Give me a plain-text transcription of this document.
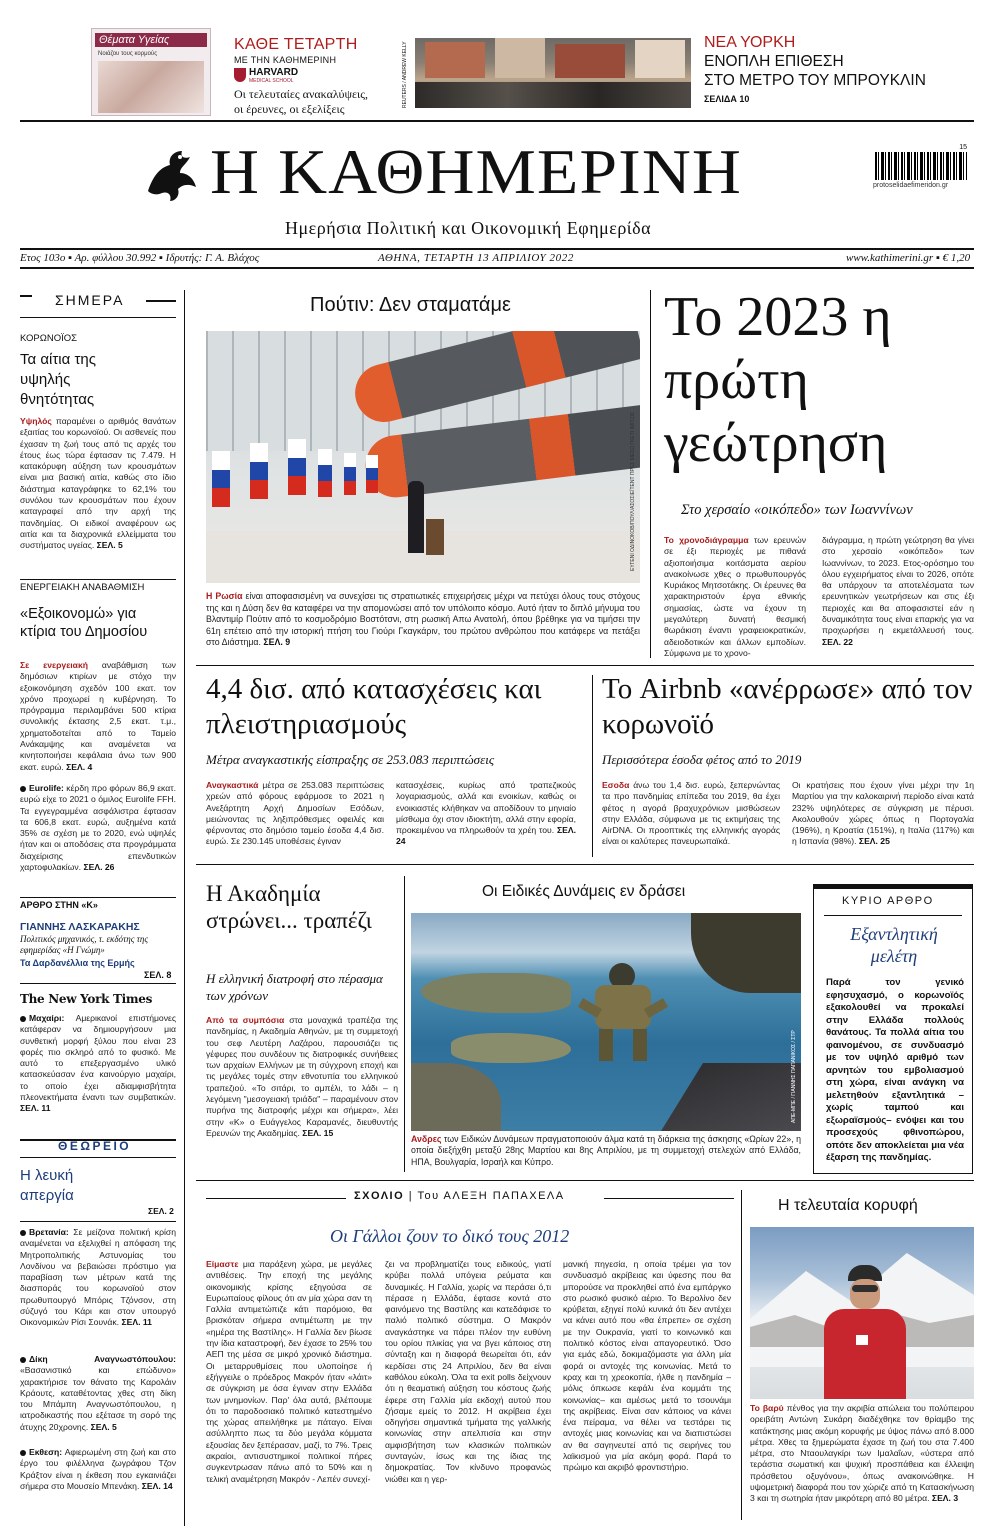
Θέματα Υγείας
Νοιάζου τους κορμούς
ΚΑΘΕ ΤΕΤΑΡΤΗ
ΜΕ ΤΗΝ ΚΑΘΗΜΕΡΙΝΗ
HARVARD
MEDICAL SCHOOL
Οι τελευταίες ανακαλύψεις,
οι έρευνες, οι εξελίξεις
REUTERS / ANDREW KELLY	ΝΕΑ ΥΟΡΚΗ
ΕΝΟΠΛΗ ΕΠΙΘΕΣΗ
ΣΤΟ ΜΕΤΡΟ ΤΟΥ ΜΠΡΟΥΚΛΙΝ
ΣΕΛΙΔΑ 10
Η ΚΑΘΗΜΕΡΙΝΗ	15
protoselidaefimeridon.gr
Ημερήσια Πολιτική και Οικονομική Εφημερίδα
Ετος 103ο ▪ Αρ. φύλλου 30.992 ▪ Ιδρυτής: Γ. Α. Βλάχος	ΑΘΗΝΑ, ΤΕΤΑΡΤΗ 13 ΑΠΡΙΛΙΟΥ 2022	www.kathimerini.gr ▪ € 1,20
ΣΗΜΕΡΑ
ΚΟΡΩΝΟΪΟΣ
Τα αίτια της υψηλής θνητότητας
Υψηλός παραμένει ο αριθμός θανάτων εξαιτίας του κορωνοϊού. Οι ασθενείς που έχασαν τη ζωή τους από τις αρχές του έτους έως τώρα έφτασαν τις 7.479. Η κατακόρυφη αύξηση των κρουσμάτων είναι μια βασική αιτία, καθώς στο ίδιο διάστημα καταγράφηκε το 62,1% του συνόλου των κρουσμάτων που έχουν καταγραφεί από την αρχή της πανδημίας. Οι ειδικοί αναφέρουν ως αιτία και τα διαχρονικά ελλείμματα του συστήματος υγείας. ΣΕΛ. 5
ΕΝΕΡΓΕΙΑΚΗ ΑΝΑΒΑΘΜΙΣΗ
«Εξοικονομώ» για κτίρια του Δημοσίου
Σε ενεργειακή αναβάθμιση των δημόσιων κτιρίων με στόχο την εξοικονόμηση σχεδόν 100 εκατ. τον χρόνο προχωρεί η κυβέρνηση. Το πρόγραμμα περιλαμβάνει 500 κτίρια συνολικής έκτασης 2,5 εκατ. τ.μ., χρηματοδοτείται από το Ταμείο Ανάκαμψης και αναμένεται να κινητοποιήσει κεφάλαια άνω των 900 εκατ. ευρώ. ΣΕΛ. 4
Eurolife: κέρδη προ φόρων 86,9 εκατ. ευρώ είχε το 2021 ο όμιλος Eurolife FFH. Τα εγγεγραμμένα ασφάλιστρα έφτασαν τα 606,8 εκατ. ευρώ, αυξημένα κατά 35% σε σχέση με το 2020, ενώ υψηλές ήταν και οι αποδόσεις στα προγράμματα διαχείρισης επενδυτικών χαρτοφυλακίων. ΣΕΛ. 26
ΑΡΘΡΟ ΣΤΗΝ «Κ»
ΓΙΑΝΝΗΣ ΛΑΣΚΑΡΑΚΗΣ
Πολιτικός μηχανικός, τ. εκδότης της εφημερίδας «Η Γνώμη»
Τα Δαρδανέλλια της Ερμής
ΣΕΛ. 8
The New York Times
Μαχαίρι: Αμερικανοί επιστήμονες κατάφεραν να δημιουργήσουν μια συνθετική μορφή ξύλου που είναι 23 φορές πιο σκληρό από το φυσικό. Με αυτό το επεξεργασμένο υλικό κατασκεύασαν ένα καινούργιο μαχαίρι, το οποίο έχει αδιαμφισβήτητα πλεονεκτήματα έναντι των συμβατικών. ΣΕΛ. 11
ΘΕΩΡΕΙΟ
Η λευκή απεργία
ΣΕΛ. 2
Βρετανία: Σε μείζονα πολιτική κρίση αναμένεται να εξελιχθεί η απόφαση της Μητροπολιτικής Αστυνομίας του Λονδίνου να βεβαιώσει πρόστιμο για παραβίαση των μέτρων κατά της διασποράς του κορωνοϊού στον πρωθυπουργό Μπόρις Τζόνσον, στη σύζυγό του Κάρι και στον υπουργό Οικονομικών Ρίσι Σουνάκ. ΣΕΛ. 11
Δίκη Αναγνωστόπουλου: «Βασανιστικό και επώδυνο» χαρακτήρισε τον θάνατο της Καρολάιν Κράουτς, καταθέτοντας χθες στη δίκη του Μπάμπη Αναγνωστόπουλου, η ιατροδικαστής που εξέτασε τη σορό της άτυχης 20χρονης. ΣΕΛ. 5
Εκθεση: Αφιερωμένη στη ζωή και στο έργο του φιλέλληνα ζωγράφου Τζον Κράξτον είναι η έκθεση που εγκαινιάζει σήμερα στο Μουσείο Μπενάκη. ΣΕΛ. 14
Πούτιν: Δεν σταματάμε
ΕΥΓΕΝΙ ΟΔΙΝΟΚΟΒ/ΠΟΥΛ/ΑΣΟΣΙΕΪΤΕΝΤ ΠΡΕΣ ΜΕΣΩ ΓΚΕΤΙ ΙΜΙΤΖΙΣ
Η Ρωσία είναι αποφασισμένη να συνεχίσει τις στρατιωτικές επιχειρήσεις μέχρι να πετύχει όλους τους στόχους της και η Δύση δεν θα καταφέρει να την απομονώσει από τον υπόλοιπο κόσμο. Αυτό ήταν το διπλό μήνυμα του Βλαντιμίρ Πούτιν από το κοσμοδρόμιο Βοστότσνι, στη ρωσική Απω Ανατολή, όπου βρέθηκε για να τιμήσει την 61η επέτειο από την ιστορική πτήση του Γιούρι Γκαγκάριν, του πρώτου ανθρώπου που κατάφερε να πετάξει στο Διάστημα. ΣΕΛ. 9
Το 2023 η πρώτη γεώτρηση
Στο χερσαίο «οικόπεδο» των Ιωαννίνων
Το χρονοδιάγραμμα των ερευνών σε έξι περιοχές με πιθανά αξιοποιήσιμα κοιτάσματα αερίου ανακοίνωσε χθες ο πρωθυπουργός Κυριάκος Μητσοτάκης. Οι έρευνες θα χαρακτηριστούν έργα εθνικής σημασίας, ώστε να έχουν τη μεγαλύτερη δυνατή θεσμική θωράκιση έναντι γραφειοκρατικών, αδειοδοτικών και άλλων εμποδίων. Σύμφωνα με το χρονο-
διάγραμμα, η πρώτη γεώτρηση θα γίνει στο χερσαίο «οικόπεδο» των Ιωαννίνων, το 2023. Ετος-ορόσημο του όλου εγχειρήματος είναι το 2026, οπότε θα υπάρχουν τα αποτελέσματα των ερευνητικών γεωτρήσεων και στις έξι περιοχές και θα αποφασιστεί εάν η δυναμικότητα τους είναι επαρκής για να προχωρήσει η εκμετάλλευσή τους. ΣΕΛ. 22
4,4 δισ. από κατασχέσεις και πλειστηριασμούς
Μέτρα αναγκαστικής είσπραξης σε 253.083 περιπτώσεις
Αναγκαστικά μέτρα σε 253.083 περιπτώσεις χρεών από φόρους εφάρμοσε το 2021 η Ανεξάρτητη Αρχή Δημοσίων Εσόδων, μειώνοντας τις ληξιπρόθεσμες οφειλές και φέρνοντας στο δημόσιο ταμείο έσοδα 4,4 δισ. ευρώ. Σε 230.145 υποθέσεις έγιναν
κατασχέσεις, κυρίως από τραπεζικούς λογαριασμούς, αλλά και ενοικίων, καθώς οι ενοικιαστές κλήθηκαν να αποδίδουν το μηνιαίο μίσθωμα όχι στον ιδιοκτήτη, αλλά στην εφορία, προκειμένου να πληρωθούν τα χρέη του. ΣΕΛ. 24
Το Airbnb «ανέρρωσε» από τον κορωνοϊό
Περισσότερα έσοδα φέτος από το 2019
Εσοδα άνω του 1,4 δισ. ευρώ, ξεπερνώντας τα προ πανδημίας επίπεδα του 2019, θα έχει φέτος η αγορά βραχυχρόνιων μισθώσεων στην Ελλάδα, σύμφωνα με τις εκτιμήσεις της AirDNA. Οι προοπτικές της ελληνικής αγοράς είναι οι καλύτερες πανευρωπαϊκά.
Οι κρατήσεις που έχουν γίνει μέχρι την 1η Μαρτίου για την καλοκαιρινή περίοδο είναι κατά 232% υψηλότερες σε σύγκριση με πέρυσι. Ακολουθούν χώρες όπως η Πορτογαλία (196%), η Κροατία (151%), η Ιταλία (117%) και η Ισπανία (98%). ΣΕΛ. 25
Η Ακαδημία στρώνει... τραπέζι
Η ελληνική διατροφή στο πέρασμα των χρόνων
Από τα συμπόσια στα μοναχικά τραπέζια της πανδημίας, η Ακαδημία Αθηνών, με τη συμμετοχή του σεφ Λευτέρη Λαζάρου, παρουσιάζει τις γέφυρες που συνδέουν τις διατροφικές συνήθειες των αρχαίων Ελλήνων με τη σύγχρονη εποχή και τις μεγάλες τομές στην εθνοτυπία του ελληνικού τραπεζιού. «Το σιτάρι, το αμπέλι, το λάδι – η λεγόμενη "μεσογειακή τριάδα" – παραμένουν στον πυρήνα της διατροφής μέχρι και σήμερα», λέει στην «Κ» ο Ευάγγελος Καραμανές, διευθυντής Ερευνών της Ακαδημίας. ΣΕΛ. 15
Οι Ειδικές Δυνάμεις εν δράσει
ΑΠΕ-ΜΠΕ / ΓΙΑΝΝΗΣ ΠΑΠΑΝΙΚΟΣ / ΣΤΡ
Ανδρες των Ειδικών Δυνάμεων πραγματοποιούν άλμα κατά τη διάρκεια της άσκησης «Ωρίων 22», η οποία διεξήχθη μεταξύ 28ης Μαρτίου και 8ης Απριλίου, με τη συμμετοχή στελεχών από Ελλάδα, ΗΠΑ, Βουλγαρία, Ισραήλ και Κύπρο.
ΚΥΡΙΟ ΑΡΘΡΟ
Εξαντλητική μελέτη
Παρά τον γενικό εφησυχασμό, ο κορωνοϊός εξακολουθεί να προκαλεί στην Ελλάδα πολλούς θανάτους. Τα πολλά αίτια του φαινομένου, σε συνδυασμό με τον υψηλό αριθμό των αρνητών του εμβολιασμού στη χώρα, είναι ανάγκη να μελετηθούν εξαντλητικά –χωρίς ταμπού και εξωραϊσμούς– ενόψει και του προσεχούς φθινοπώρου, οπότε δεν αποκλείεται μια νέα έξαρση της πανδημίας.
ΣΧΟΛΙΟ | Του ΑΛΕΞΗ ΠΑΠΑΧΕΛΑ
Οι Γάλλοι ζουν το δικό τους 2012
Είμαστε μια παράξενη χώρα, με μεγάλες αντιθέσεις. Την εποχή της μεγάλης οικονομικής κρίσης εξηγούσα σε Ευρωπαίους φίλους ότι αν μία χώρα σαν τη Γαλλία αντιμετώπιζε κάτι παρόμοιο, θα βρισκόταν σήμερα αντιμέτωπη με την «ημέρα της Βαστίλης». Η Γαλλία δεν βίωσε την ίδια καταστροφή, δεν έχασε το 25% του ΑΕΠ της μέσα σε μικρό χρονικό διάστημα. Οι μεταρρυθμίσεις που υλοποίησε ή εξήγγειλε ο πρόεδρος Μακρόν ήταν «λάιτ» σε σύγκριση με όσα έγιναν στην Ελλάδα των μνημονίων. Παρ' όλα αυτά, βλέπουμε ότι το παροδοσιακό πολιτικό κατεστημένο της χώρας απειλήθηκε με πάταγο. Είναι ασύλληπτο πως τα δύο μεγάλα κόμματα εξουσίας δεν ξεπέρασαν, μαζί, το 7%. Τρεις ακραίοι, αντισυστημικοί πολιτικοί πήρες συγκεντρωσαν πάνω από το 50% και η τελική αναμέτρηση Μακρόν - Λεπέν συνεχί-
ζει να προβληματίζει τους ειδικούς, γιατί κρύβει πολλά υπόγεια ρεύματα και δυναμικές. Η Γαλλία, χωρίς να περάσει ό,τι πέρασε η Ελλάδα, έφτασε κοντά στο φαινόμενο της Βαστίλης και κατεδάφισε το παλιό πολιτικό σύστημα. Ο Μακρόν αναγκάστηκε να πάρει πλέον την ευθύνη του ορίου πλικίας για να βγει κάποιος στη σύνταξη και η διαφορά θεωρείται ότι, εάν κερδίσει στις 24 Απριλίου, δεν θα είναι καθόλου εύκολη. Όλα τα exit polls δείχνουν ότι η θεαματική αύξηση του κόστους ζωής έφερε στη Γαλλία μία εκδοχή αυτού που ζήσαμε εμείς το 2012. Η ακρίβεια έχει οδηγήσει σημαντικά τμήματα της γαλλικής κοινωνίας στην απελπισία και στην αμφισβήτηση των κλασικών πολιτικών συνταγών, ίσως και της ίδιας της δημοκρατίας. Τον κίνδυνο προφανώς νιώθει και η γερ-
μανική πηγεσία, η οποία τρέμει για τον συνδυασμό ακρίβειας και ύφεσης που θα μπορούσε να προκληθεί από ένα εμπάργκο στο ρωσικό φυσικό αέριο. Το Βερολίνο δεν κρύβεται, εξηγεί πολύ κυνικά ότι δεν αντέχει να κάνει αυτό που «θα έπρεπε» σε σχέση με την Ουκρανία, γιατί το κοινωνικό και πολιτικό κόστος είναι απαγορευτικό. Όσο για εμάς εδώ, δοκιμαζόμαστε για άλλη μία φορά οι αντοχές της κοινωνίας. Μετά το κραχ και τη χρεοκοπία, ήλθε η πανδημία –μόλις όπκωσε κεφάλι ένα κομμάτι της κοινωνίας– και αμέσως μετά το τσουνάμι της ακρίβειας. Είναι σαν κάποιος να κάνει ένα πείραμα, να θέλει να τεστάρει τις αντοχές μιας κοινωνίας και να διαπιστώσει αν θα σαγηνευτεί από τις σειρήνες του λαϊκισμού για μία ακόμη φορά. Παρά το πρώιμο και ακριβό φροντιστήριο.
Η τελευταία κορυφή
Το βαρύ πένθος για την ακριβία απώλεια του πολύπειρου ορειβάτη Αντώνη Συκάρη διαδέχθηκε τον θρίαμβο της κατάκτησης μιας ακόμη κορυφής με ύψος πάνω από 8.000 μέτρα. Χθες τα ξημερώματα έχασε τη ζωή του στα 7.400 μέτρα, στο Νταουλαγκίρι των Ιμαλαΐων, «ύστερα από τεράστια σωματική και ψυχική προσπάθεια και έλλειψη πρόσθετου οξυγόνου», όπως ανακοινώθηκε. Η υψομετρική διαφορά που τον χώριζε από τη Κατασκήνωση 3 και τη σωτηρία ήταν μικρότερη από 80 μέτρα. ΣΕΛ. 3
